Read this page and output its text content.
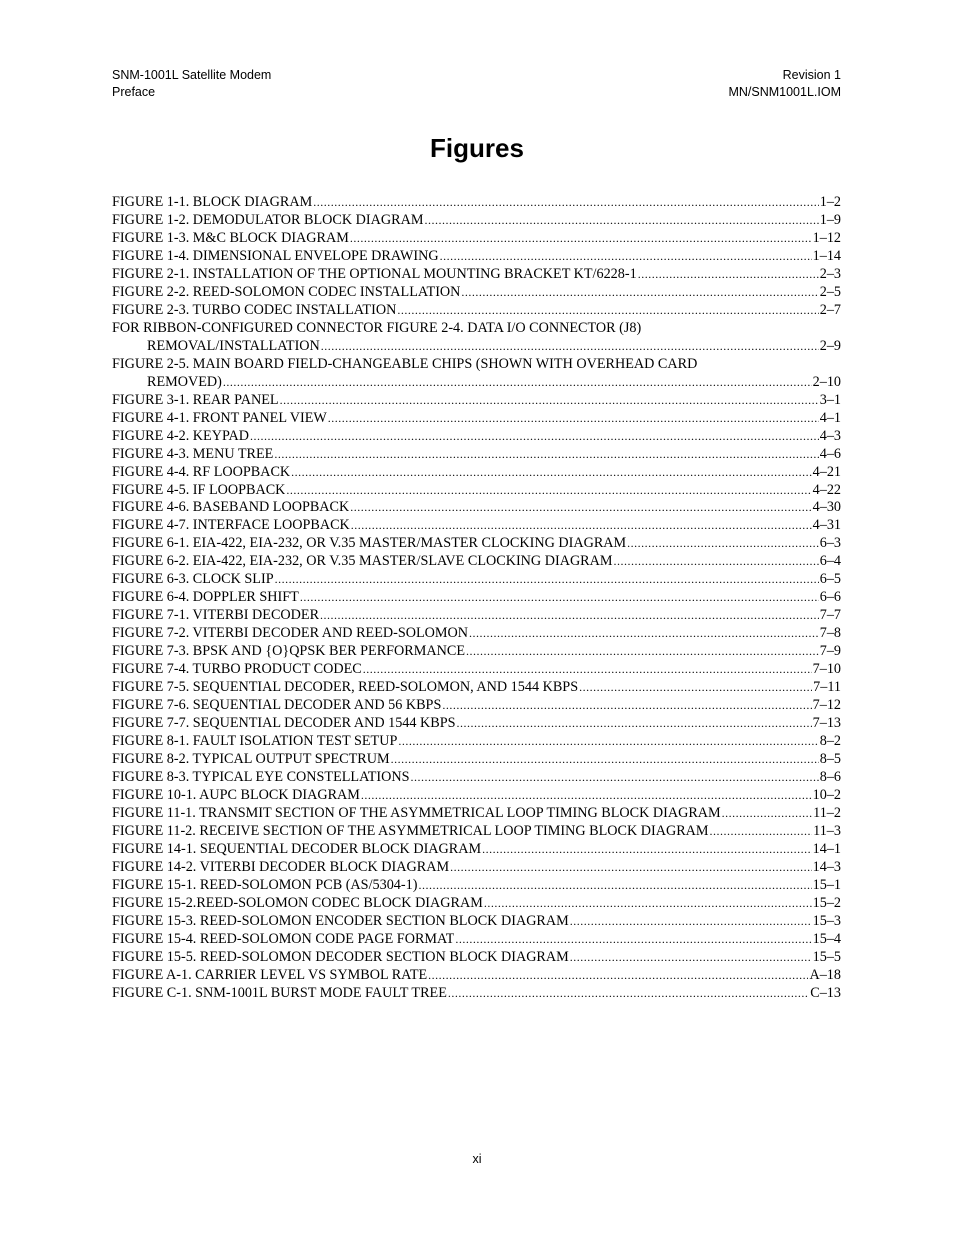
SNM-1001L Satellite Modem
Preface
Revision 1
MN/SNM1001L.IOM
Figures
FIGURE 1-1. BLOCK DIAGRAM .....	1–2
FIGURE 1-2. DEMODULATOR BLOCK DIAGRAM .....	1–9
FIGURE 1-3. M&C BLOCK DIAGRAM .....	1–12
FIGURE 1-4. DIMENSIONAL ENVELOPE DRAWING .....	1–14
FIGURE 2-1. INSTALLATION OF THE OPTIONAL MOUNTING BRACKET KT/6228-1 .....	2–3
FIGURE 2-2. REED-SOLOMON CODEC INSTALLATION .....	2–5
FIGURE 2-3. TURBO CODEC INSTALLATION .....	2–7
FOR RIBBON-CONFIGURED CONNECTOR FIGURE 2-4. DATA I/O CONNECTOR (J8)
REMOVAL/INSTALLATION .....	2–9
FIGURE 2-5. MAIN BOARD FIELD-CHANGEABLE CHIPS (SHOWN WITH OVERHEAD CARD
REMOVED) .....	2–10
FIGURE 3-1. REAR PANEL .....	3–1
FIGURE 4-1. FRONT PANEL VIEW .....	4–1
FIGURE 4-2. KEYPAD .....	4–3
FIGURE 4-3. MENU TREE .....	4–6
FIGURE 4-4. RF LOOPBACK .....	4–21
FIGURE 4-5. IF LOOPBACK .....	4–22
FIGURE 4-6. BASEBAND LOOPBACK .....	4–30
FIGURE 4-7. INTERFACE LOOPBACK .....	4–31
FIGURE 6-1. EIA-422, EIA-232, OR V.35 MASTER/MASTER CLOCKING DIAGRAM .....	6–3
FIGURE 6-2. EIA-422, EIA-232, OR V.35 MASTER/SLAVE CLOCKING DIAGRAM .....	6–4
FIGURE 6-3. CLOCK SLIP .....	6–5
FIGURE 6-4. DOPPLER SHIFT .....	6–6
FIGURE 7-1. VITERBI DECODER .....	7–7
FIGURE 7-2. VITERBI DECODER AND REED-SOLOMON .....	7–8
FIGURE 7-3. BPSK AND {O}QPSK BER PERFORMANCE .....	7–9
FIGURE 7-4. TURBO PRODUCT CODEC .....	7–10
FIGURE 7-5. SEQUENTIAL DECODER, REED-SOLOMON, AND 1544 KBPS .....	7–11
FIGURE 7-6. SEQUENTIAL DECODER AND 56 KBPS .....	7–12
FIGURE 7-7. SEQUENTIAL DECODER AND 1544 KBPS .....	7–13
FIGURE 8-1. FAULT ISOLATION TEST SETUP .....	8–2
FIGURE 8-2. TYPICAL OUTPUT SPECTRUM .....	8–5
FIGURE 8-3. TYPICAL EYE CONSTELLATIONS .....	8–6
FIGURE 10-1. AUPC BLOCK DIAGRAM .....	10–2
FIGURE 11-1. TRANSMIT SECTION OF THE ASYMMETRICAL LOOP TIMING BLOCK DIAGRAM .....	11–2
FIGURE 11-2. RECEIVE SECTION OF THE ASYMMETRICAL LOOP TIMING BLOCK DIAGRAM .....	11–3
FIGURE 14-1. SEQUENTIAL DECODER BLOCK DIAGRAM .....	14–1
FIGURE 14-2. VITERBI DECODER BLOCK DIAGRAM .....	14–3
FIGURE 15-1. REED-SOLOMON PCB (AS/5304-1) .....	15–1
FIGURE 15-2.REED-SOLOMON CODEC BLOCK DIAGRAM .....	15–2
FIGURE 15-3. REED-SOLOMON ENCODER SECTION BLOCK DIAGRAM .....	15–3
FIGURE 15-4. REED-SOLOMON CODE PAGE FORMAT .....	15–4
FIGURE 15-5. REED-SOLOMON DECODER SECTION BLOCK DIAGRAM .....	15–5
FIGURE A-1. CARRIER LEVEL VS SYMBOL RATE .....	A–18
FIGURE C-1. SNM-1001L BURST MODE FAULT TREE .....	C–13
xi
